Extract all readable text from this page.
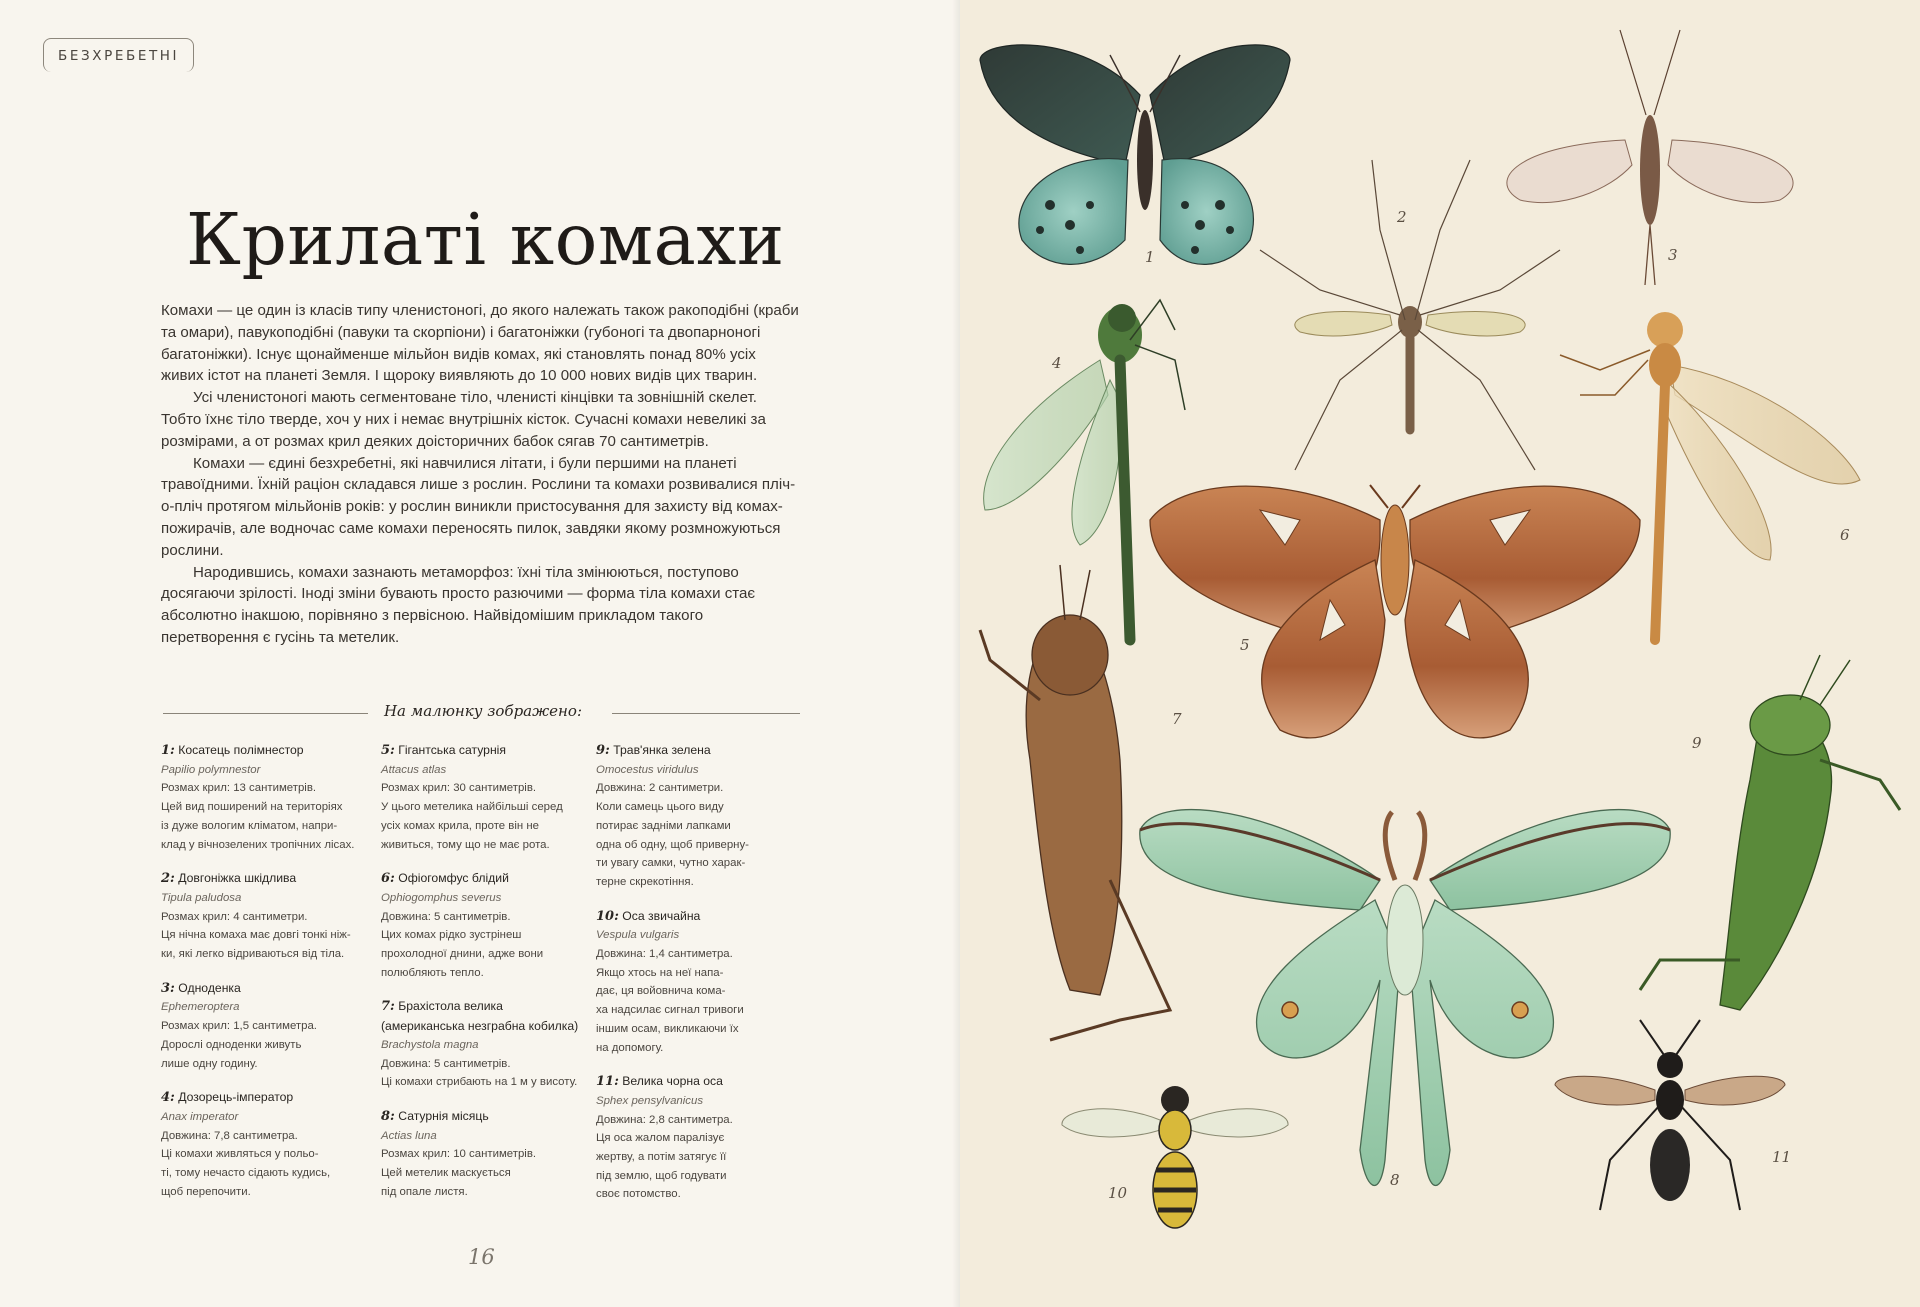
БЕЗХРЕБЕТНІ
Крилаті комахи

Комахи — це один із класів типу членистоногі, до якого належать також ракоподібні (краби та омари), павукоподібні (павуки та скорпіони) і багатоніжки (губоногі та двопарноногі багатоніжки). Існує щонайменше мільйон видів комах, які становлять понад 80% усіх живих істот на планеті Земля. І щороку виявляють до 10 000 нових видів цих тварин.

Усі членистоногі мають сегментоване тіло, членисті кінцівки та зовнішній скелет. Тобто їхнє тіло тверде, хоч у них і немає внутрішніх кісток. Сучасні комахи невеликі за розмірами, а от розмах крил деяких доісторичних бабок сягав 70 сантиметрів.

Комахи — єдині безхребетні, які навчилися літати, і були першими на планеті травоїдними. Їхній раціон складався лише з рослин. Рослини та комахи розвивалися пліч-о-пліч протягом мільйонів років: у рослин виникли пристосування для захисту від комах-пожирачів, але водночас саме комахи переносять пилок, завдяки якому розмножуються рослини.

Народившись, комахи зазнають метаморфоз: їхні тіла змінюються, поступово досягаючи зрілості. Іноді зміни бувають просто разючими — форма тіла комахи стає абсолютно інакшою, порівняно з первісною. Найвідомішим прикладом такого перетворення є гусінь та метелик.

На малюнку зображено:
1: Косатець полімнестор
Papilio polymnestor
Розмах крил: 13 сантиметрів.
Цей вид поширений на територіях
із дуже вологим кліматом, напри-
клад у вічнозелених тропічних лісах.
2: Довгоніжка шкідлива
Tipula paludosa
Розмах крил: 4 сантиметри.
Ця нічна комаха має довгі тонкі ніж-
ки, які легко відриваються від тіла.
3: Одноденка
Ephemeroptera
Розмах крил: 1,5 сантиметра.
Дорослі одноденки живуть
лише одну годину.
4: Дозорець-імператор
Anax imperator
Довжина: 7,8 сантиметра.
Ці комахи живляться у польо-
ті, тому нечасто сідають кудись,
щоб перепочити.
5: Гігантська сатурнія
Attacus atlas
Розмах крил: 30 сантиметрів.
У цього метелика найбільші серед
усіх комах крила, проте він не
живиться, тому що не має рота.
6: Офіогомфус блідий
Ophiogomphus severus
Довжина: 5 сантиметрів.
Цих комах рідко зустрінеш
прохолодної днини, адже вони
полюбляють тепло.
7: Брахістола велика
(американська незграбна кобилка)
Brachystola magna
Довжина: 5 сантиметрів.
Ці комахи стрибають на 1 м у висоту.
8: Сатурнія місяць
Actias luna
Розмах крил: 10 сантиметрів.
Цей метелик маскується
під опале листя.
9: Трав'янка зелена
Omocestus viridulus
Довжина: 2 сантиметри.
Коли самець цього виду
потирає задніми лапками
одна об одну, щоб привернy-
ти увагу самки, чутно харак-
терне скрекотіння.
10: Оса звичайна
Vespula vulgaris
Довжина: 1,4 сантиметра.
Якщо хтось на неї напа-
дає, ця войовнича кома-
ха надсилає сигнал тривоги
іншим осам, викликаючи їх
на допомогу.
11: Велика чорна оса
Sphex pensylvanicus
Довжина: 2,8 сантиметра.
Ця оса жалом паралізує
жертву, а потім затягує її
під землю, щоб годувати
своє потомство.
16
1	3
2
4
6
5
7
9
8
10
11
